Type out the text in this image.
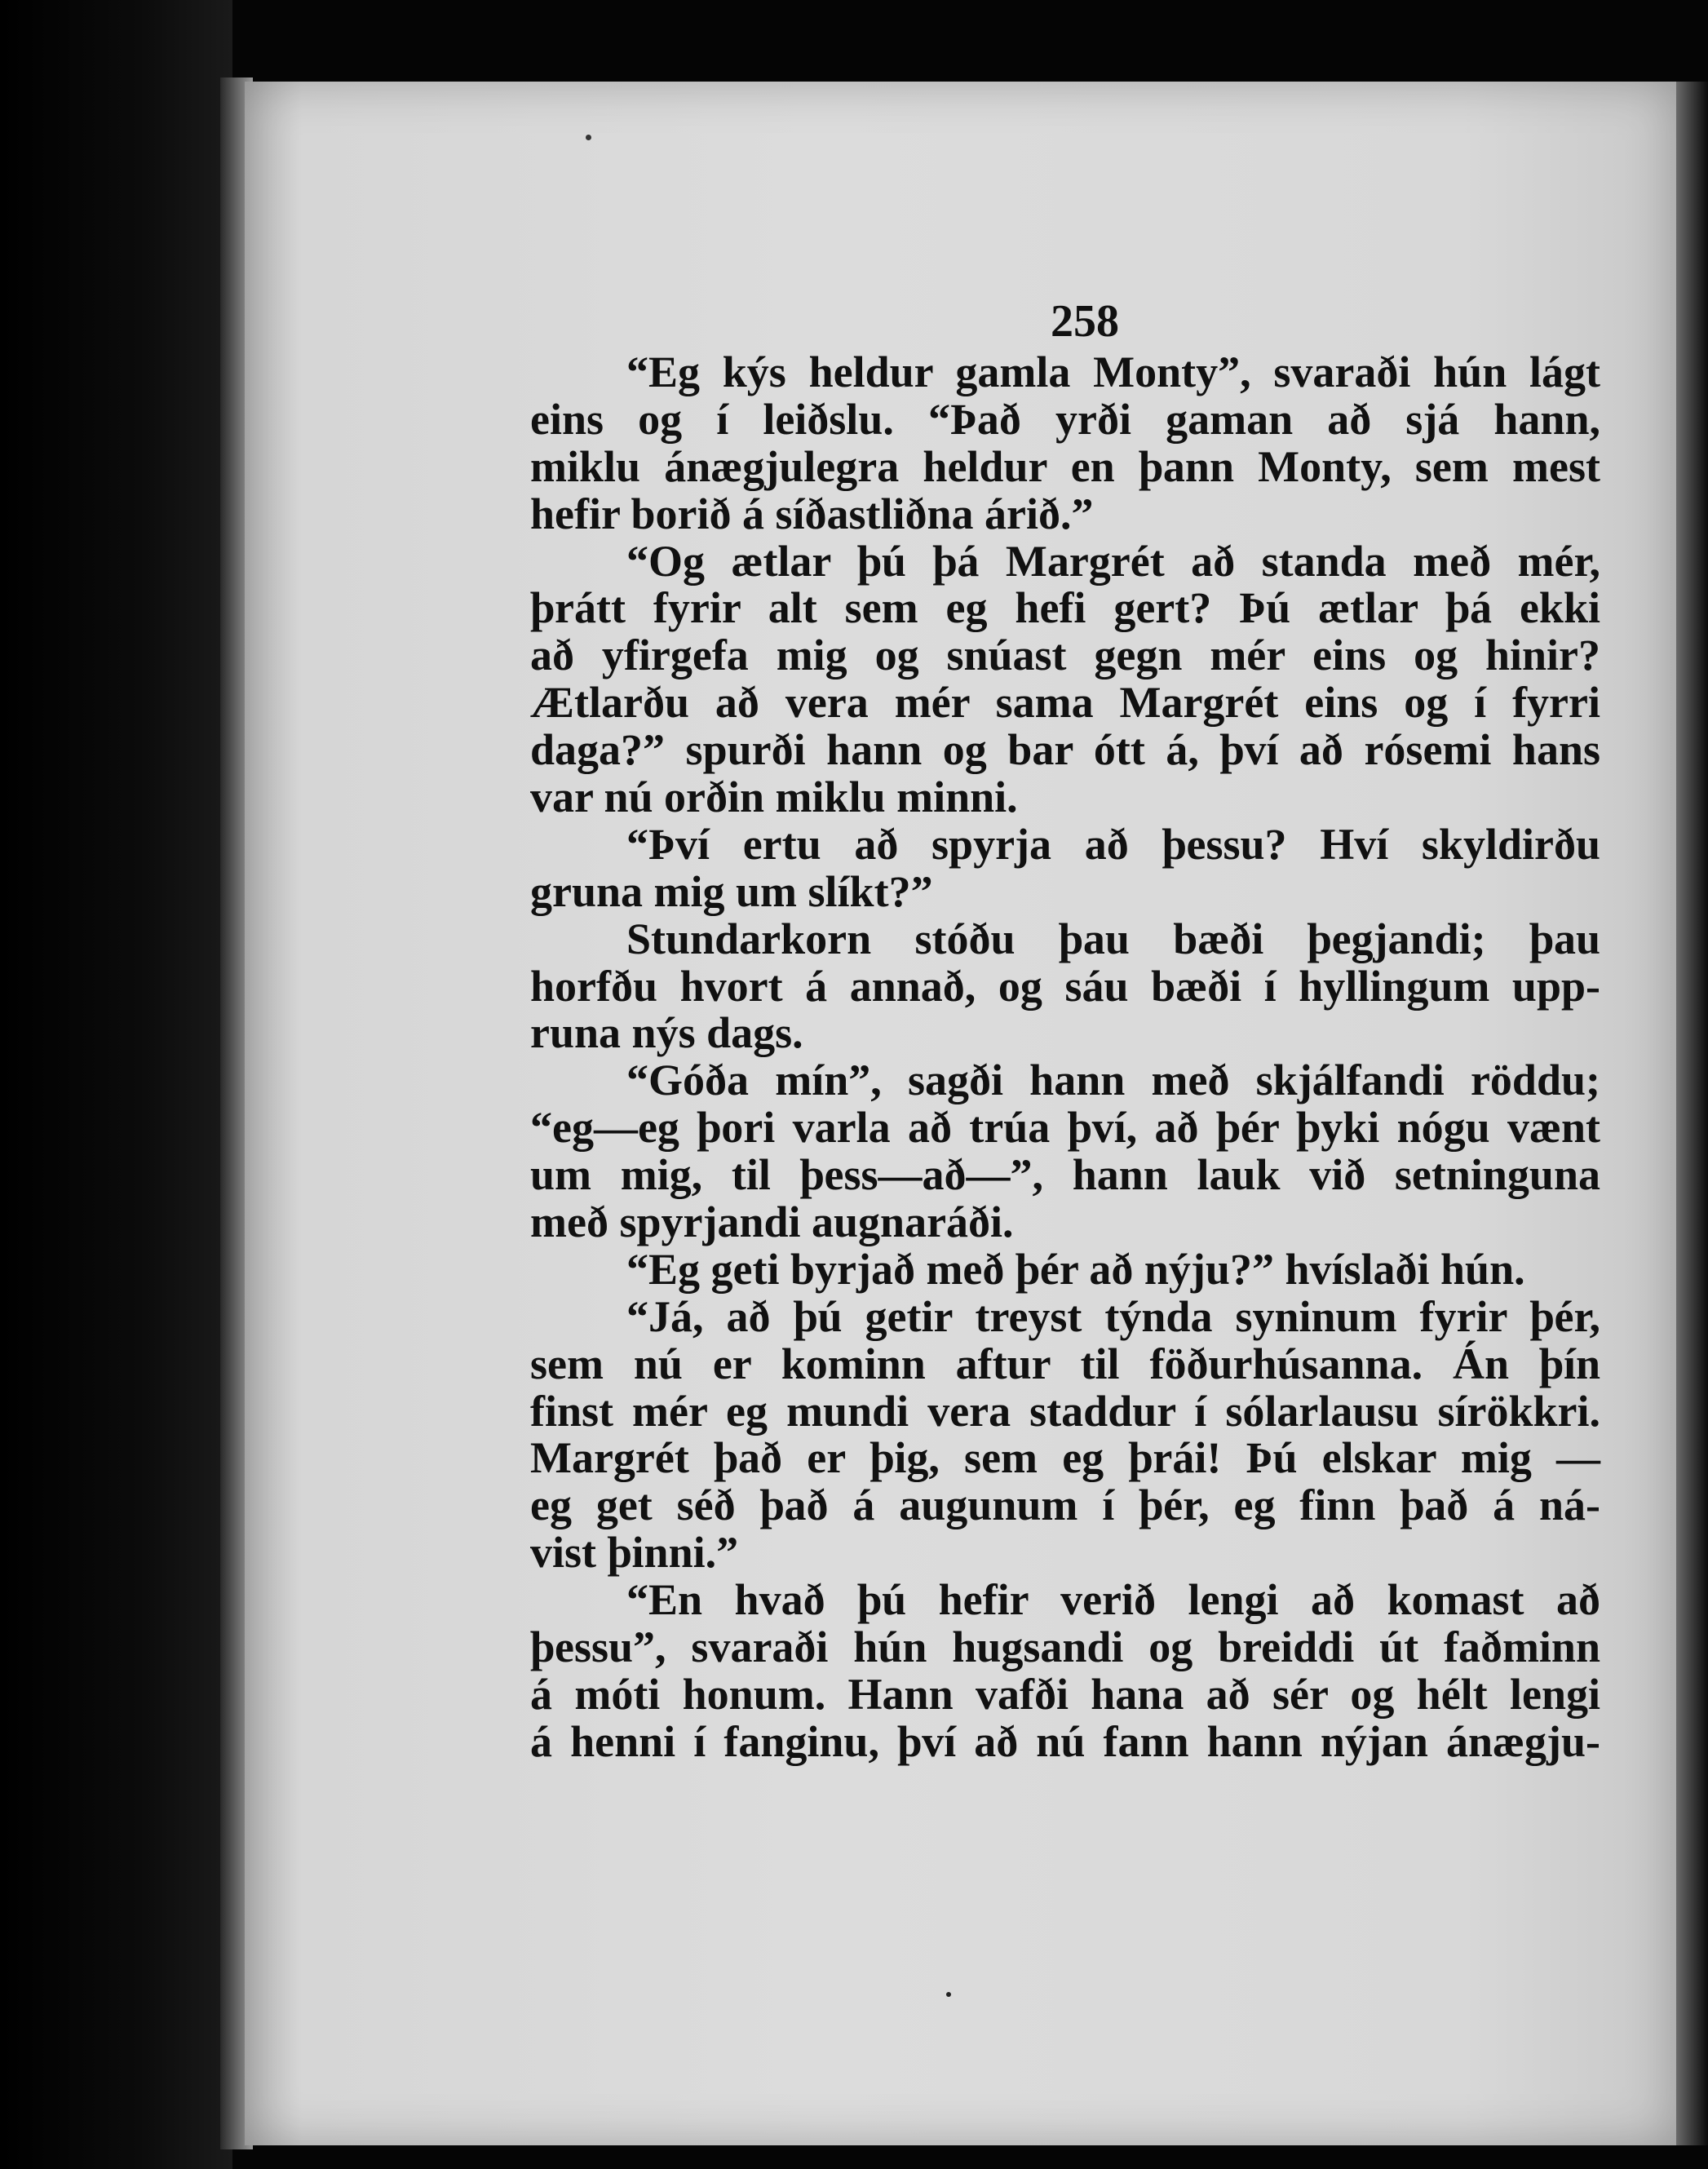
258
“Eg kýs heldur gamla Monty”, svaraði hún lágt
eins og í leiðslu. “Það yrði gaman að sjá hann,
miklu ánægjulegra heldur en þann Monty, sem mest
hefir borið á síðastliðna árið.”
“Og ætlar þú þá Margrét að standa með mér,
þrátt fyrir alt sem eg hefi gert? Þú ætlar þá ekki
að yfirgefa mig og snúast gegn mér eins og hinir?
Ætlarðu að vera mér sama Margrét eins og í fyrri
daga?” spurði hann og bar ótt á, því að rósemi hans
var nú orðin miklu minni.
“Því ertu að spyrja að þessu? Hví skyldirðu
gruna mig um slíkt?”
Stundarkorn stóðu þau bæði þegjandi; þau
horfðu hvort á annað, og sáu bæði í hyllingum upp-
runa nýs dags.
“Góða mín”, sagði hann með skjálfandi röddu;
“eg—eg þori varla að trúa því, að þér þyki nógu vænt
um mig, til þess—að—”, hann lauk við setninguna
með spyrjandi augnaráði.
“Eg geti byrjað með þér að nýju?” hvíslaði hún.
“Já, að þú getir treyst týnda syninum fyrir þér,
sem nú er kominn aftur til föðurhúsanna. Án þín
finst mér eg mundi vera staddur í sólarlausu sírökkri.
Margrét það er þig, sem eg þrái! Þú elskar mig —
eg get séð það á augunum í þér, eg finn það á ná-
vist þinni.”
“En hvað þú hefir verið lengi að komast að
þessu”, svaraði hún hugsandi og breiddi út faðminn
á móti honum. Hann vafði hana að sér og hélt lengi
á henni í fanginu, því að nú fann hann nýjan ánægju-
